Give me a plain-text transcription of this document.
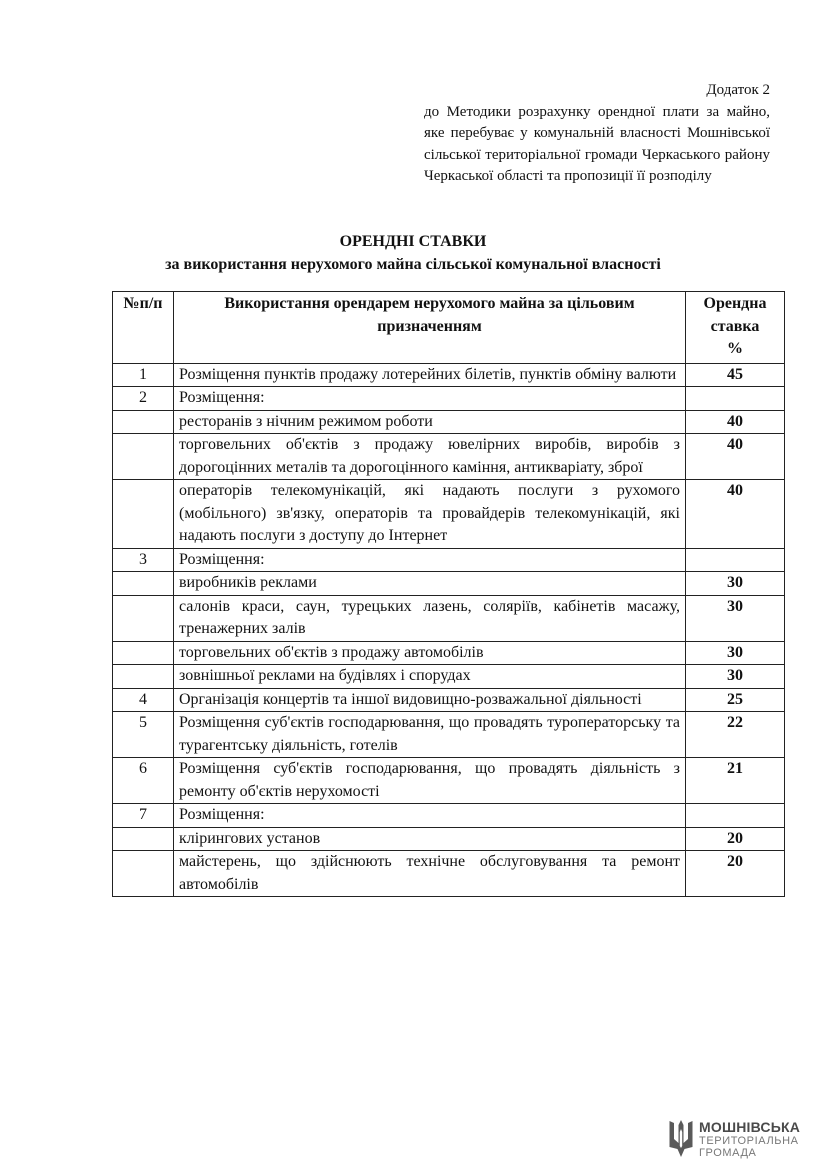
Додаток 2
до Методики розрахунку орендної плати за майно, яке перебуває у комунальній власності Мошнівської сільської територіальної громади Черкаського району Черкаської області та пропозиції її розподілу
ОРЕНДНІ СТАВКИ
за використання нерухомого майна сільської комунальної власності
№п/п	Використання орендарем нерухомого майна за цільовим призначенням	Орендна
ставка
%

1	Розміщення пунктів продажу лотерейних білетів, пунктів обміну валюти	45
2	Розміщення:	
	ресторанів з нічним режимом роботи	40
	торговельних об'єктів з продажу ювелірних виробів, виробів з дорогоцінних металів та дорогоцінного каміння, антикваріату, зброї	40
	операторів телекомунікацій, які надають послуги з рухомого (мобільного) зв'язку, операторів та провайдерів телекомунікацій, які надають послуги з доступу до Інтернет	40
3	Розміщення:	
	виробників реклами	30
	салонів краси, саун, турецьких лазень, соляріїв, кабінетів масажу, тренажерних залів	30
	торговельних об'єктів з продажу автомобілів	30
	зовнішньої реклами на будівлях і спорудах	30
4	Організація концертів та іншої видовищно-розважальної діяльності	25
5	Розміщення суб'єктів господарювання, що провадять туроператорську та турагентську діяльність, готелів	22
6	Розміщення суб'єктів господарювання, що провадять діяльність з ремонту об'єктів нерухомості	21
7	Розміщення:	
	клірингових установ	20
	майстерень, що здійснюють технічне обслуговування та ремонт автомобілів	20
МОШНІВСЬКА
ТЕРИТОРІАЛЬНА
ГРОМАДА
